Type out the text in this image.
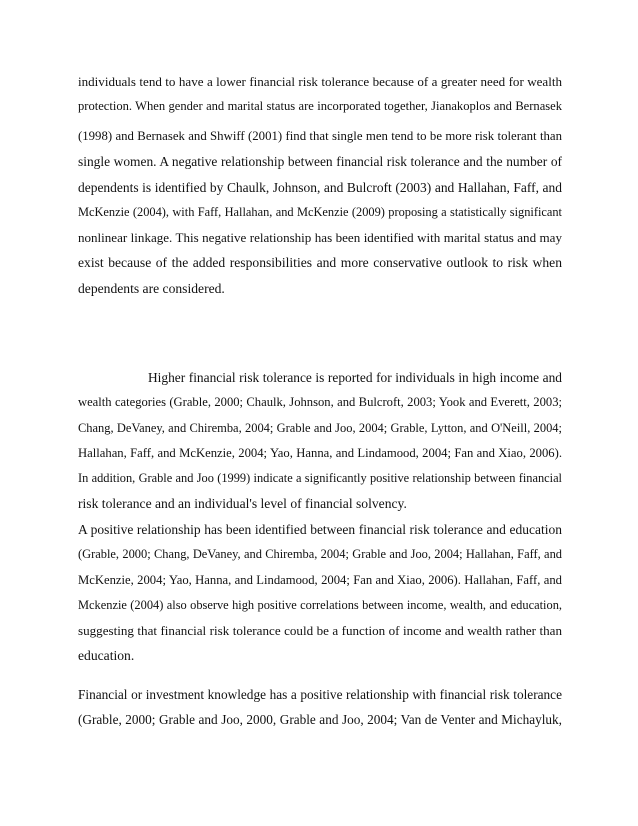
individuals tend to have a lower financial risk tolerance because of a greater need for wealth
protection. When gender and marital status are incorporated together, Jianakoplos and Bernasek

(1998) and Bernasek and Shwiff (2001) find that single men tend to be more risk tolerant than
single women. A negative relationship between financial risk tolerance and the number of
dependents is identified by Chaulk, Johnson, and Bulcroft (2003) and Hallahan, Faff, and
McKenzie (2004), with Faff, Hallahan, and McKenzie (2009) proposing a statistically significant
nonlinear linkage. This negative relationship has been identified with marital status and may
exist because of the added responsibilities and more conservative outlook to risk when
dependents are considered.

Higher financial risk tolerance is reported for individuals in high income and
wealth categories (Grable, 2000; Chaulk, Johnson, and Bulcroft, 2003; Yook and Everett, 2003;
Chang, DeVaney, and Chiremba, 2004; Grable and Joo, 2004; Grable, Lytton, and O'Neill, 2004;
Hallahan, Faff, and McKenzie, 2004; Yao, Hanna, and Lindamood, 2004; Fan and Xiao, 2006).
In addition, Grable and Joo (1999) indicate a significantly positive relationship between financial
risk tolerance and an individual's level of financial solvency.

A positive relationship has been identified between financial risk tolerance and education
(Grable, 2000; Chang, DeVaney, and Chiremba, 2004; Grable and Joo, 2004; Hallahan, Faff, and
McKenzie, 2004; Yao, Hanna, and Lindamood, 2004; Fan and Xiao, 2006). Hallahan, Faff, and
Mckenzie (2004) also observe high positive correlations between income, wealth, and education,
suggesting that financial risk tolerance could be a function of income and wealth rather than
education.

Financial or investment knowledge has a positive relationship with financial risk tolerance
(Grable, 2000; Grable and Joo, 2000, Grable and Joo, 2004; Van de Venter and Michayluk,
